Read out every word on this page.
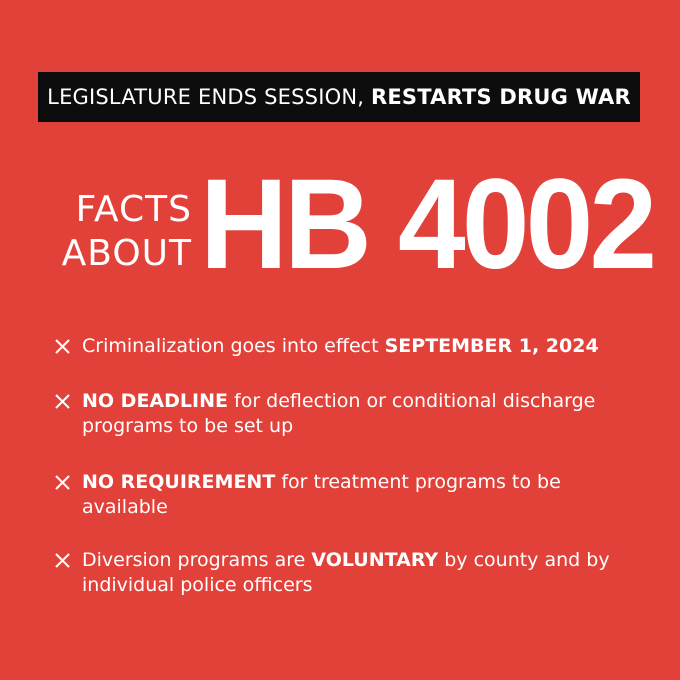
LEGISLATURE ENDS SESSION, RESTARTS DRUG WAR
FACTS
ABOUT HB 4002
Criminalization goes into effect SEPTEMBER 1, 2024
NO DEADLINE for deflection or conditional discharge programs to be set up
NO REQUIREMENT for treatment programs to be available
Diversion programs are VOLUNTARY by county and by individual police officers
